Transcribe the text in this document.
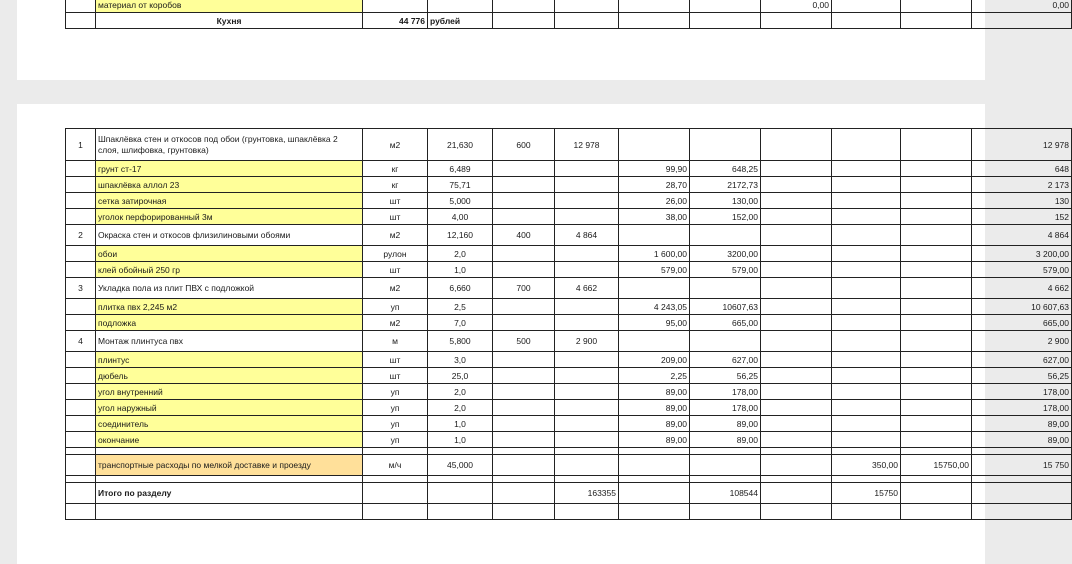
	материал от коробов							0,00			0,00
	Кухня	44 776	рублей								
1	Шпаклёвка стен и откосов под обои (грунтовка, шпаклёвка 2 слоя, шлифовка, грунтовка)	м2	21,630	600	12 978						12 978
	грунт ст-17	кг	6,489			99,90	648,25				648
	шпаклёвка аллол 23	кг	75,71			28,70	2172,73				2 173
	сетка затирочная	шт	5,000			26,00	130,00				130
	уголок перфорированный 3м	шт	4,00			38,00	152,00				152
2	Окраска стен и откосов флизилиновыми обоями	м2	12,160	400	4 864						4 864
	обои	рулон	2,0			1 600,00	3200,00				3 200,00
	клей обойный 250 гр	шт	1,0			579,00	579,00				579,00
3	Укладка пола из плит ПВХ с подложкой	м2	6,660	700	4 662						4 662
	плитка пвх 2,245 м2	уп	2,5			4 243,05	10607,63				10 607,63
	подложка	м2	7,0			95,00	665,00				665,00
4	Монтаж плинтуса пвх	м	5,800	500	2 900						2 900
	плинтус	шт	3,0			209,00	627,00				627,00
	дюбель	шт	25,0			2,25	56,25				56,25
	угол внутренний	уп	2,0			89,00	178,00				178,00
	угол наружный	уп	2,0			89,00	178,00				178,00
	соединитель	уп	1,0			89,00	89,00				89,00
	окончание	уп	1,0			89,00	89,00				89,00

	транспортные расходы по мелкой доставке и проезду	м/ч	45,000						350,00	15750,00	15 750

	Итого по разделу				163355		108544		15750		
